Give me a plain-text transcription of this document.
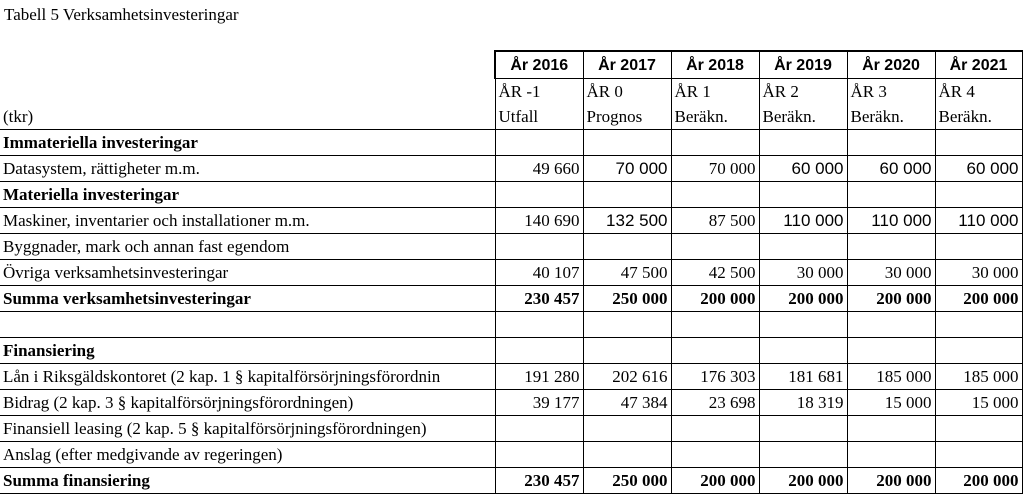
Tabell 5 Verksamhetsinvesteringar
	År 2016	År 2017	År 2018	År 2019	År 2020	År 2021
	ÅR -1	ÅR 0	ÅR 1	ÅR 2	ÅR 3	ÅR 4
(tkr)	Utfall	Prognos	Beräkn.	Beräkn.	Beräkn.	Beräkn.
Immateriella investeringar						
Datasystem, rättigheter m.m.	49 660	70 000	70 000	60 000	60 000	60 000
Materiella investeringar						
Maskiner, inventarier och installationer m.m.	140 690	132 500	87 500	110 000	110 000	110 000
Byggnader, mark och annan fast egendom						
Övriga verksamhetsinvesteringar	40 107	47 500	42 500	30 000	30 000	30 000
Summa verksamhetsinvesteringar	230 457	250 000	200 000	200 000	200 000	200 000

Finansiering						
Lån i Riksgäldskontoret (2 kap. 1 § kapitalförsörjningsförordnin	191 280	202 616	176 303	181 681	185 000	185 000
Bidrag (2 kap. 3 § kapitalförsörjningsförordningen)	39 177	47 384	23 698	18 319	15 000	15 000
Finansiell leasing (2 kap. 5 § kapitalförsörjningsförordningen)						
Anslag (efter medgivande av regeringen)						
Summa finansiering	230 457	250 000	200 000	200 000	200 000	200 000
